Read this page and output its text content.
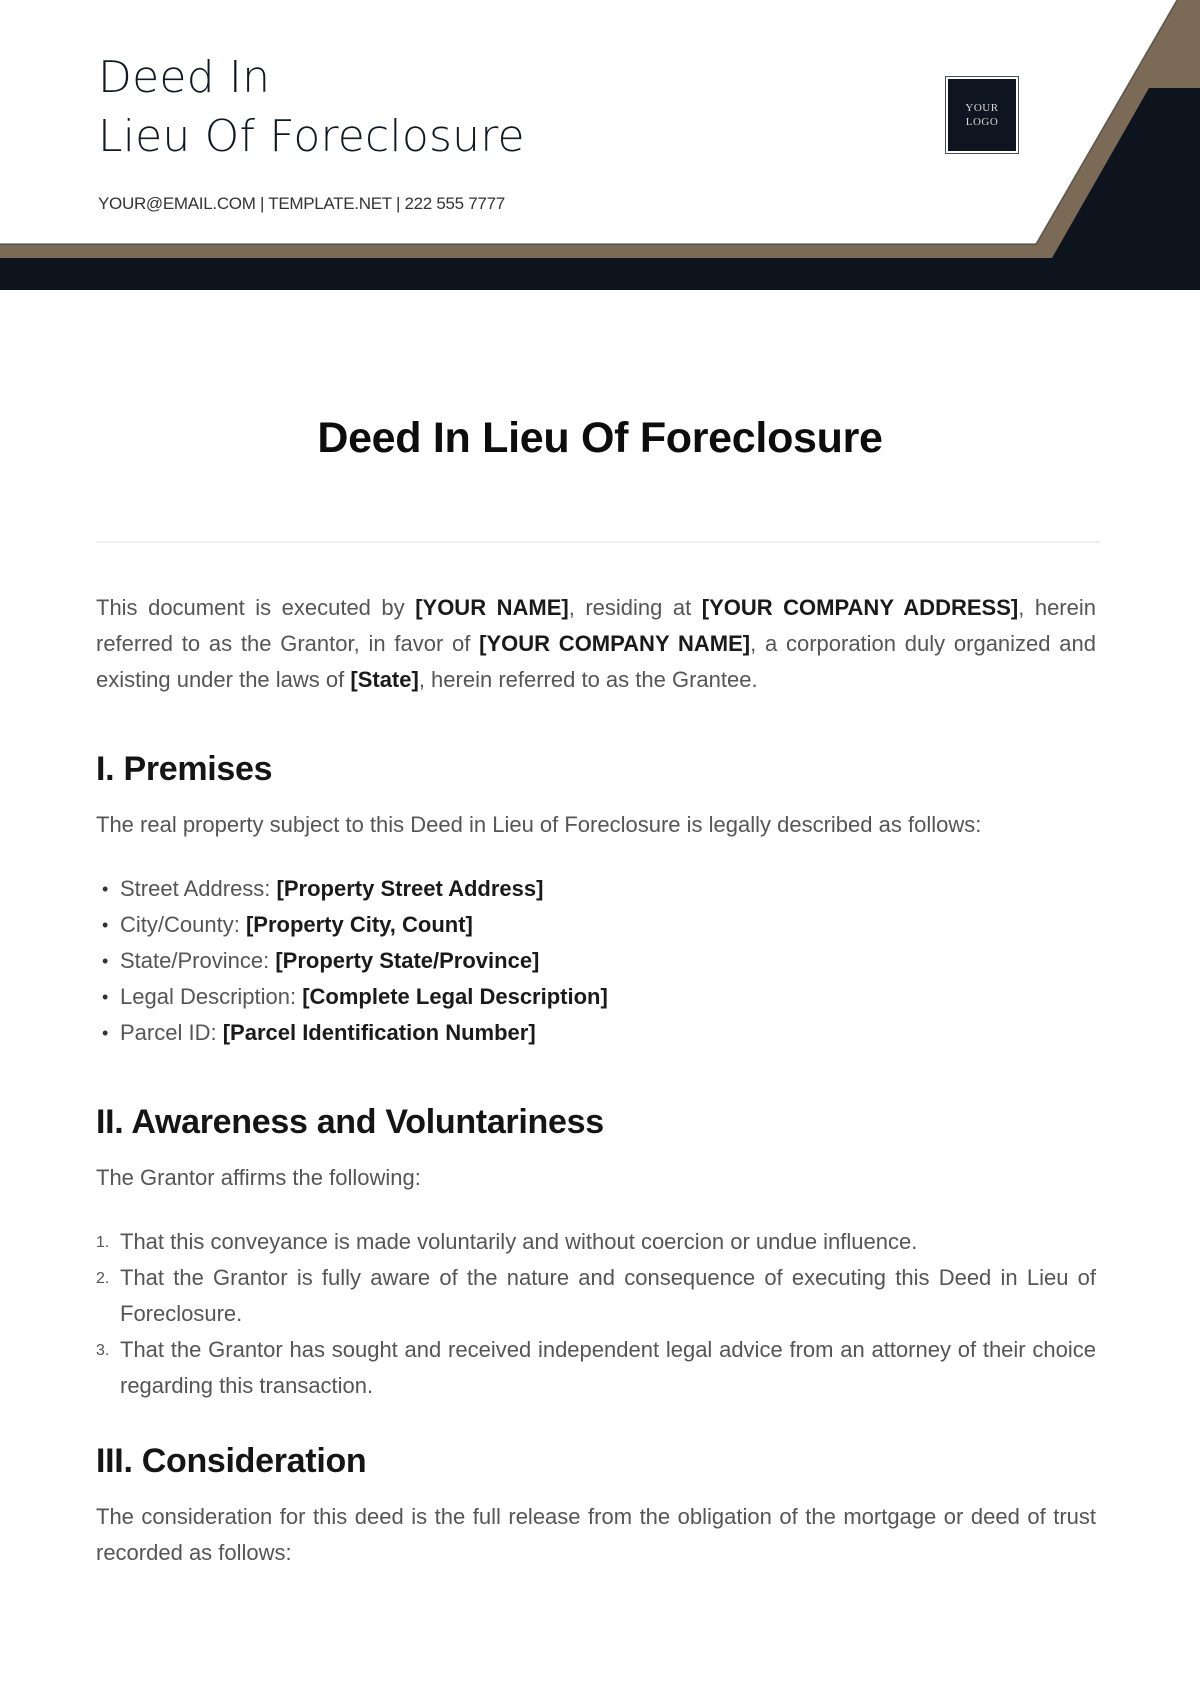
Deed In
Lieu Of Foreclosure
YOUR@EMAIL.COM | TEMPLATE.NET | 222 555 7777
YOUR
LOGO
Deed In Lieu Of Foreclosure

This document is executed by [YOUR NAME], residing at [YOUR COMPANY ADDRESS], herein referred to as the Grantor, in favor of [YOUR COMPANY NAME], a corporation duly organized and existing under the laws of [State], herein referred to as the Grantee.

I. Premises

The real property subject to this Deed in Lieu of Foreclosure is legally described as follows:

• Street Address: [Property Street Address]
• City/County: [Property City, Count]
• State/Province: [Property State/Province]
• Legal Description: [Complete Legal Description]
• Parcel ID: [Parcel Identification Number]
II. Awareness and Voluntariness

The Grantor affirms the following:

1. That this conveyance is made voluntarily and without coercion or undue influence.
2. That the Grantor is fully aware of the nature and consequence of executing this Deed in Lieu of Foreclosure.
3. That the Grantor has sought and received independent legal advice from an attorney of their choice regarding this transaction.
III. Consideration

The consideration for this deed is the full release from the obligation of the mortgage or deed of trust recorded as follows:
